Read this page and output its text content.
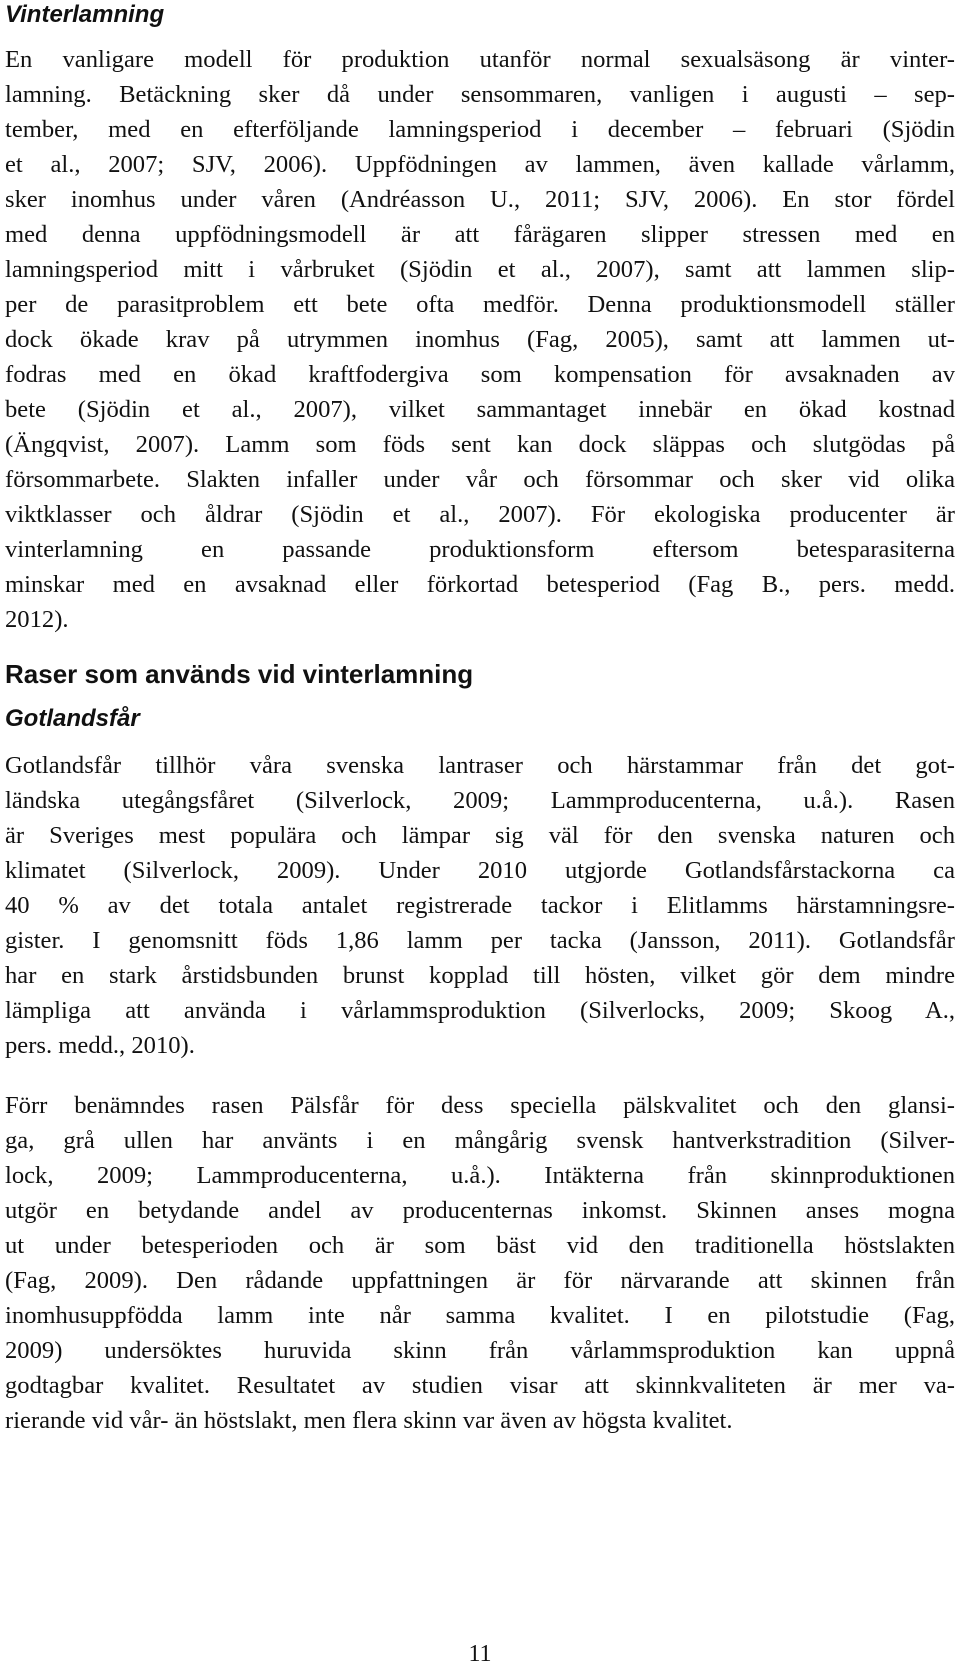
Vinterlamning

En vanligare modell för produktion utanför normal sexualsäsong är vinter-
lamning. Betäckning sker då under sensommaren, vanligen i augusti – sep-
tember, med en efterföljande lamningsperiod i december – februari (Sjödin
et al., 2007; SJV, 2006). Uppfödningen av lammen, även kallade vårlamm,
sker inomhus under våren (Andréasson U., 2011; SJV, 2006). En stor fördel
med denna uppfödningsmodell är att fårägaren slipper stressen med en
lamningsperiod mitt i vårbruket (Sjödin et al., 2007), samt att lammen slip-
per de parasitproblem ett bete ofta medför. Denna produktionsmodell ställer
dock ökade krav på utrymmen inomhus (Fag, 2005), samt att lammen ut-
fodras med en ökad kraftfodergiva som kompensation för avsaknaden av
bete (Sjödin et al., 2007), vilket sammantaget innebär en ökad kostnad
(Ängqvist, 2007). Lamm som föds sent kan dock släppas och slutgödas på
försommarbete. Slakten infaller under vår och försommar och sker vid olika
viktklasser och åldrar (Sjödin et al., 2007). För ekologiska producenter är
vinterlamning en passande produktionsform eftersom betesparasiterna
minskar med en avsaknad eller förkortad betesperiod (Fag B., pers. medd.
2012).

Raser som används vid vinterlamning
Gotlandsfår

Gotlandsfår tillhör våra svenska lantraser och härstammar från det got-
ländska utegångsfåret (Silverlock, 2009; Lammproducenterna, u.å.). Rasen
är Sveriges mest populära och lämpar sig väl för den svenska naturen och
klimatet (Silverlock, 2009). Under 2010 utgjorde Gotlandsfårstackorna ca
40 % av det totala antalet registrerade tackor i Elitlamms härstamningsre-
gister. I genomsnitt föds 1,86 lamm per tacka (Jansson, 2011). Gotlandsfår
har en stark årstidsbunden brunst kopplad till hösten, vilket gör dem mindre
lämpliga att använda i vårlammsproduktion (Silverlocks, 2009; Skoog A.,
pers. medd., 2010).

Förr benämndes rasen Pälsfår för dess speciella pälskvalitet och den glansi-
ga, grå ullen har använts i en mångårig svensk hantverkstradition (Silver-
lock, 2009; Lammproducenterna, u.å.). Intäkterna från skinnproduktionen
utgör en betydande andel av producenternas inkomst. Skinnen anses mogna
ut under betesperioden och är som bäst vid den traditionella höstslakten
(Fag, 2009). Den rådande uppfattningen är för närvarande att skinnen från
inomhusuppfödda lamm inte når samma kvalitet. I en pilotstudie (Fag,
2009) undersöktes huruvida skinn från vårlammsproduktion kan uppnå
godtagbar kvalitet. Resultatet av studien visar att skinnkvaliteten är mer va-
rierande vid vår- än höstslakt, men flera skinn var även av högsta kvalitet.

11
